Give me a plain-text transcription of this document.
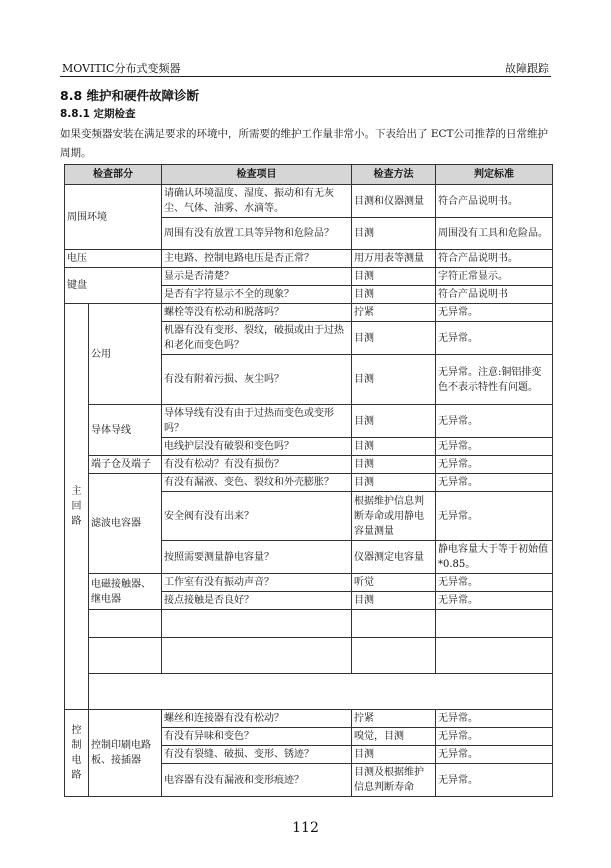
MOVITIC分布式变频器	故障跟踪
8.8 维护和硬件故障诊断
8.8.1 定期检查
如果变频器安装在满足要求的环境中，所需要的维护工作量非常小。下表给出了 ECT公司推荐的日常维护周期。
检查部分		检查项目	检查方法	判定标准
周围环境		请确认环境温度、湿度、振动和有无灰尘、气体、油雾、水滴等。	目测和仪器测量	符合产品说明书。
		周围有没有放置工具等异物和危险品？	目测	周围没有工具和危险品。
电压		主电路、控制电路电压是否正常？	用万用表等测量	符合产品说明书。
键盘		显示是否清楚？	目测	字符正常显示。
		是否有字符显示不全的现象？	目测	符合产品说明书
主回路	公用	螺栓等没有松动和脱落吗？	拧紧	无异常。
		机器有没有变形、裂纹，破损或由于过热和老化而变色吗？	目测	无异常。
		有没有附着污损、灰尘吗？	目测	无异常。注意:铜铝排变色不表示特性有问题。
	导体导线	导体导线有没有由于过热而变色或变形吗？	目测	无异常。
		电线护层没有破裂和变色吗？	目测	无异常。
	端子仓及端子	有没有松动？有没有损伤？	目测	无异常。
	滤波电容器	有没有漏液、变色、裂纹和外壳膨胀？	目测	无异常。
		安全阀有没有出来？	根据维护信息判断寿命或用静电容量测量	无异常。
		按照需要测量静电容量？	仪器测定电容量	静电容量大于等于初始值*0.85。
	电磁接触器、继电器	工作室有没有振动声音？	听觉	无异常。
		接点接触是否良好？	目测	无异常。

控制电路	控制印刷电路板、接插器	螺丝和连接器有没有松动？	拧紧	无异常。
		有没有异味和变色？	嗅觉，目测	无异常。
		有没有裂缝、破损、变形、锈迹？	目测	无异常。
		电容器有没有漏液和变形痕迹？	目测及根据维护信息判断寿命	无异常。
112
